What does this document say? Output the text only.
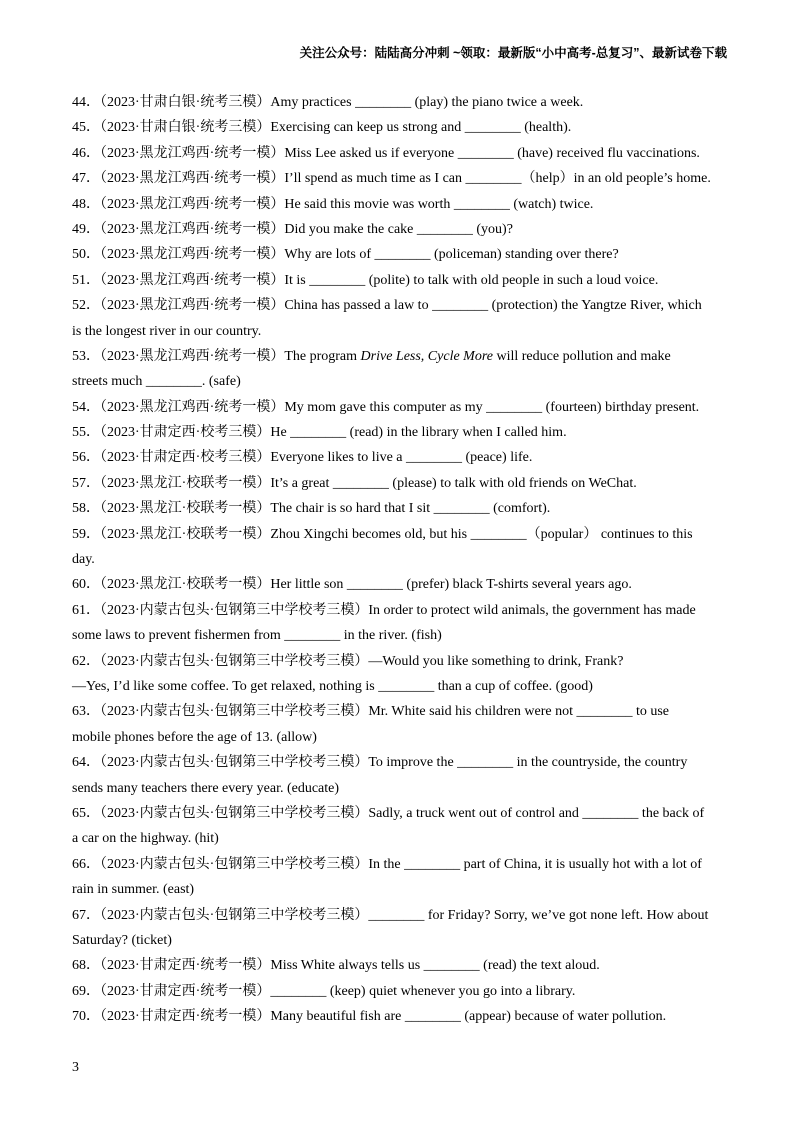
关注公众号：陆陆高分冲刺 ~领取：最新版“小中高考-总复习”、最新试卷下载
44．（2023·甘肃白银·统考三模）Amy practices ________ (play) the piano twice a week.
45．（2023·甘肃白银·统考三模）Exercising can keep us strong and ________ (health).
46．（2023·黑龙江鸡西·统考一模）Miss Lee asked us if everyone ________ (have) received flu vaccinations.
47．（2023·黑龙江鸡西·统考一模）I’ll spend as much time as I can ________（help）in an old people’s home.
48．（2023·黑龙江鸡西·统考一模）He said this movie was worth ________ (watch) twice.
49．（2023·黑龙江鸡西·统考一模）Did you make the cake ________ (you)?
50．（2023·黑龙江鸡西·统考一模）Why are lots of ________ (policeman) standing over there?
51．（2023·黑龙江鸡西·统考一模）It is ________ (polite) to talk with old people in such a loud voice.
52．（2023·黑龙江鸡西·统考一模）China has passed a law to ________ (protection) the Yangtze River, which
is the longest river in our country.
53．（2023·黑龙江鸡西·统考一模）The program Drive Less, Cycle More will reduce pollution and make
streets much ________. (safe)
54．（2023·黑龙江鸡西·统考一模）My mom gave this computer as my ________ (fourteen) birthday present.
55．（2023·甘肃定西·校考三模）He ________ (read) in the library when I called him.
56．（2023·甘肃定西·校考三模）Everyone likes to live a ________ (peace) life.
57．（2023·黑龙江·校联考一模）It’s a great ________ (please) to talk with old friends on WeChat.
58．（2023·黑龙江·校联考一模）The chair is so hard that I sit ________ (comfort).
59．（2023·黑龙江·校联考一模）Zhou Xingchi becomes old, but his ________（popular） continues to this
day.
60．（2023·黑龙江·校联考一模）Her little son ________ (prefer) black T-shirts several years ago.
61．（2023·内蒙古包头·包钢第三中学校考三模）In order to protect wild animals, the government has made
some laws to prevent fishermen from ________ in the river. (fish)
62．（2023·内蒙古包头·包钢第三中学校考三模）—Would you like something to drink, Frank?
—Yes, I’d like some coffee. To get relaxed, nothing is ________ than a cup of coffee. (good)
63．（2023·内蒙古包头·包钢第三中学校考三模）Mr. White said his children were not ________ to use
mobile phones before the age of 13. (allow)
64．（2023·内蒙古包头·包钢第三中学校考三模）To improve the ________ in the countryside, the country
sends many teachers there every year. (educate)
65．（2023·内蒙古包头·包钢第三中学校考三模）Sadly, a truck went out of control and ________ the back of
a car on the highway. (hit)
66．（2023·内蒙古包头·包钢第三中学校考三模）In the ________ part of China, it is usually hot with a lot of
rain in summer. (east)
67．（2023·内蒙古包头·包钢第三中学校考三模）________ for Friday? Sorry, we’ve got none left. How about
Saturday? (ticket)
68．（2023·甘肃定西·统考一模）Miss White always tells us ________ (read) the text aloud.
69．（2023·甘肃定西·统考一模）________ (keep) quiet whenever you go into a library.
70．（2023·甘肃定西·统考一模）Many beautiful fish are ________ (appear) because of water pollution.
3
